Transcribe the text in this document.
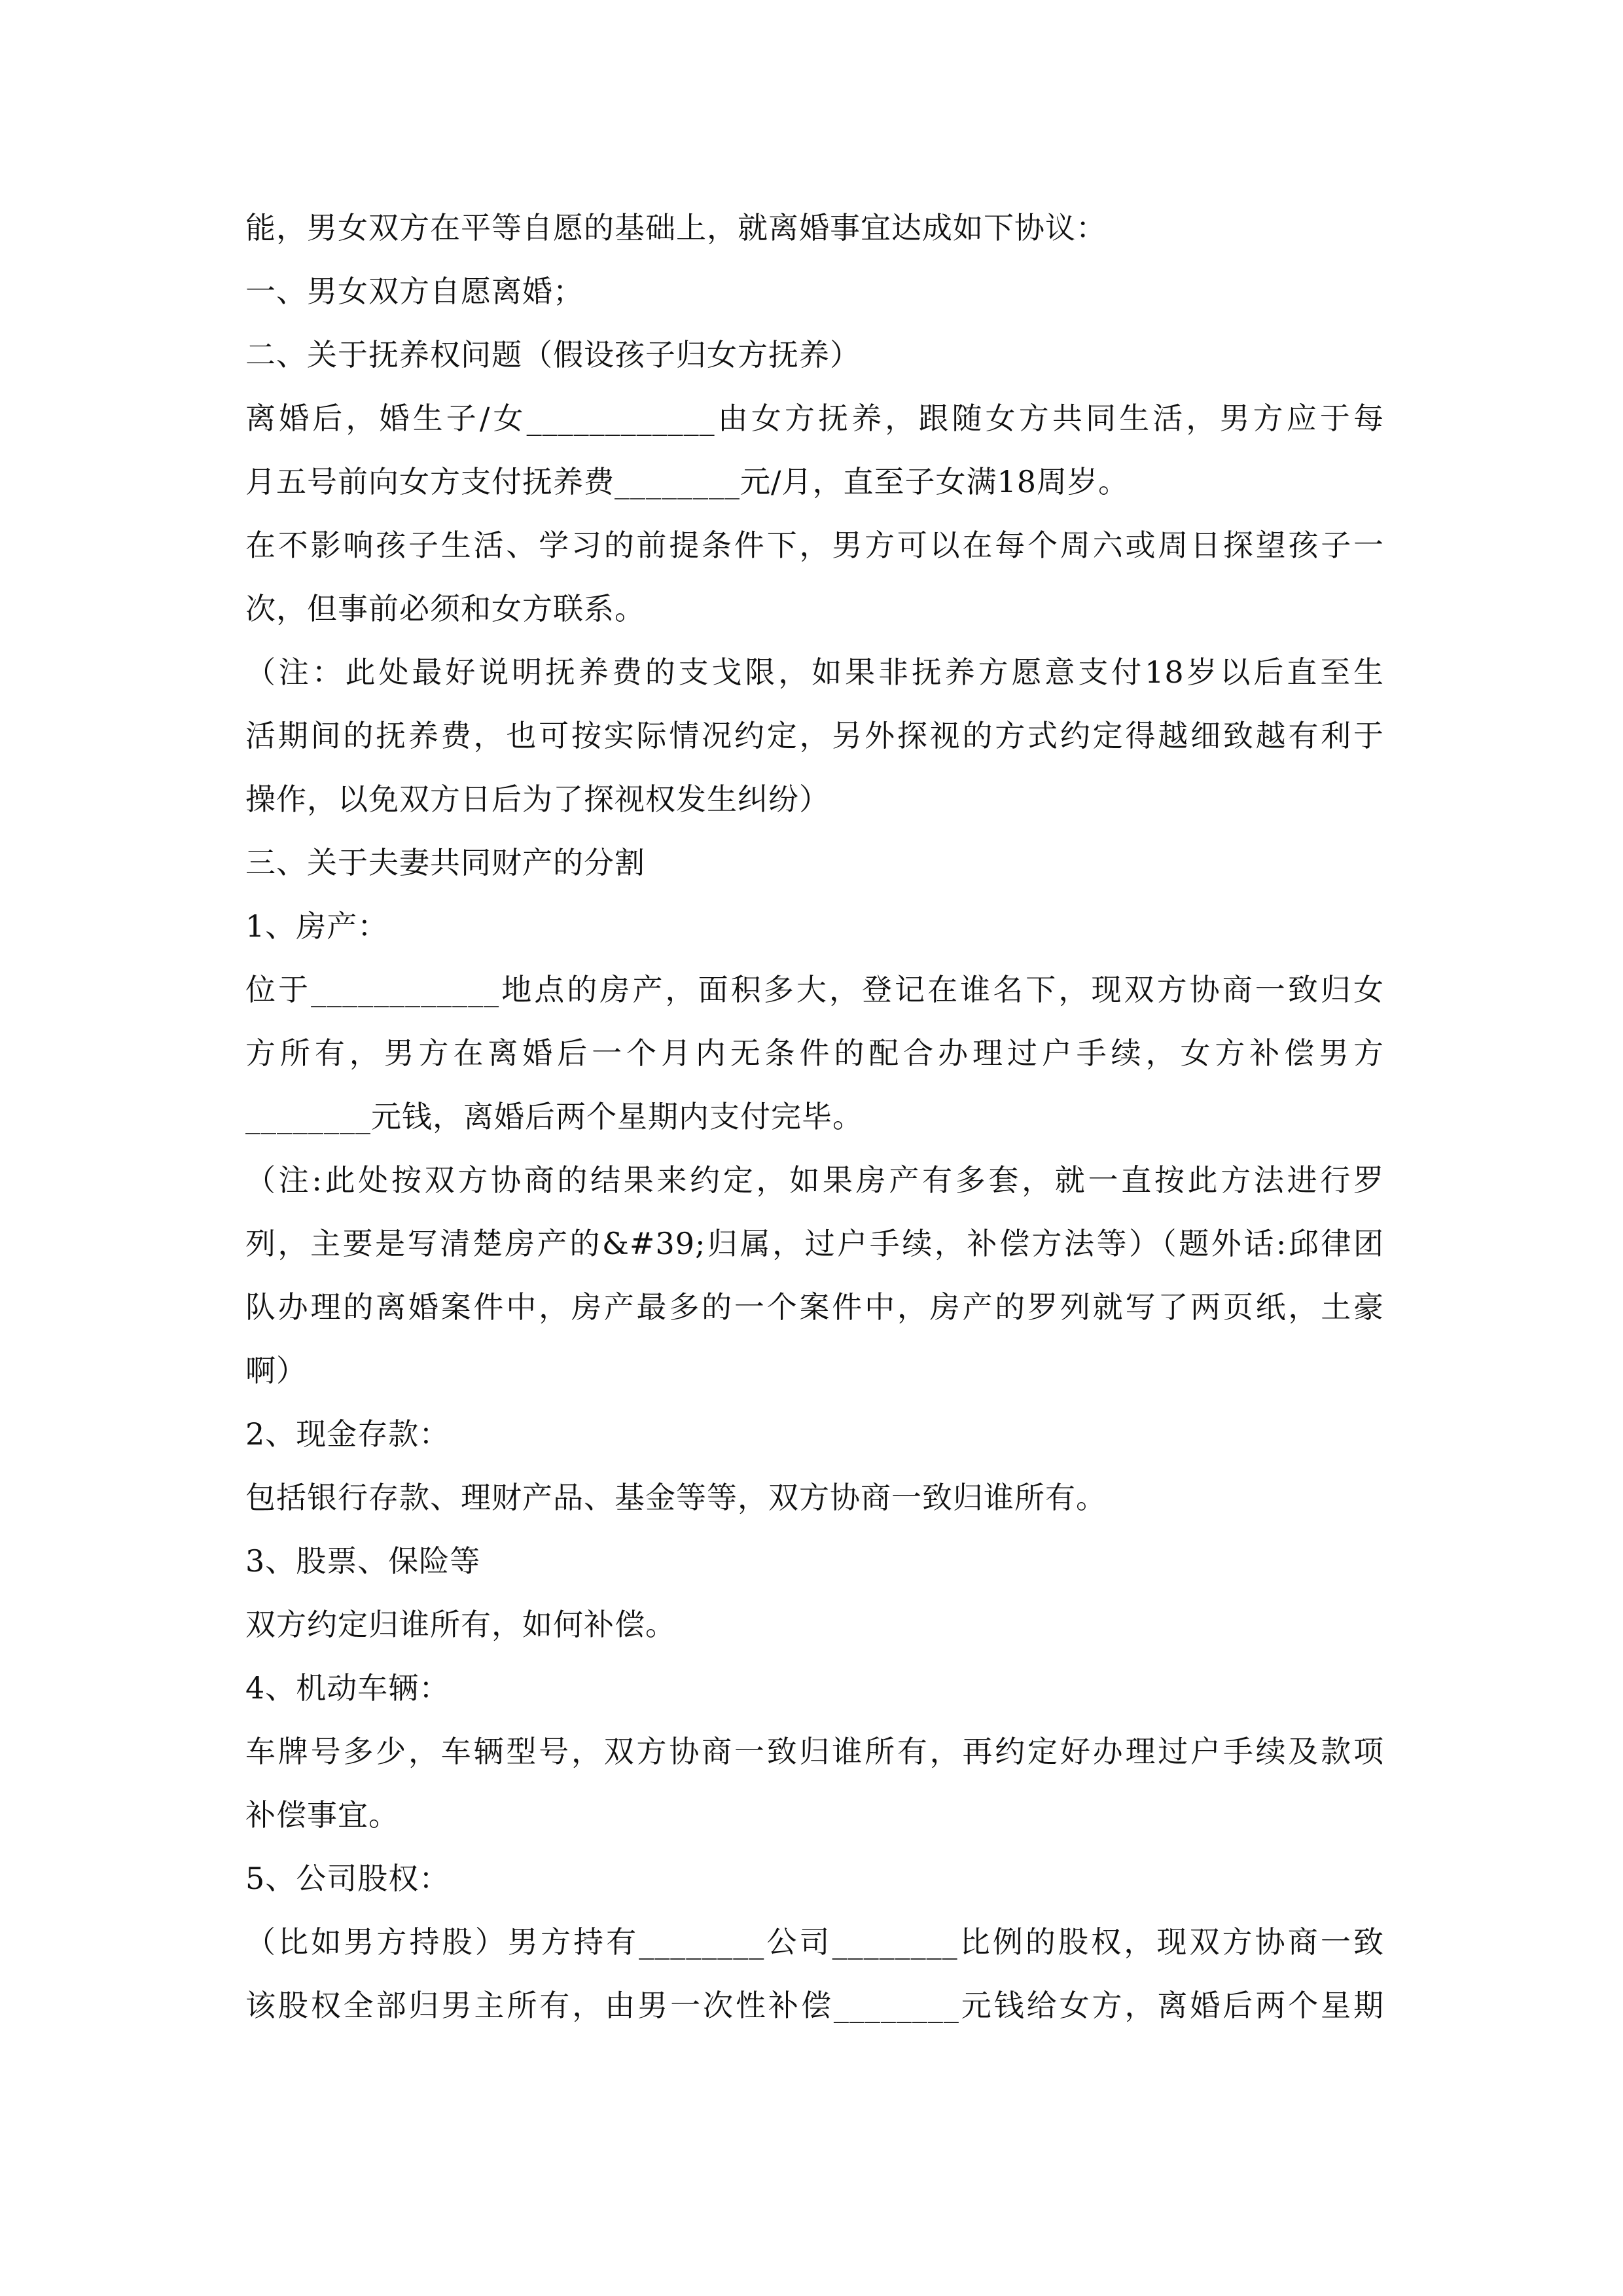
能，男女双方在平等自愿的基础上，就离婚事宜达成如下协议：
一、男女双方自愿离婚；
二、关于抚养权问题（假设孩子归女方抚养）
离婚后，婚生子/女____________由女方抚养，跟随女方共同生活，男方应于每
月五号前向女方支付抚养费________元/月，直至子女满18周岁。
在不影响孩子生活、学习的前提条件下，男方可以在每个周六或周日探望孩子一
次，但事前必须和女方联系。
（注：此处最好说明抚养费的支戈限，如果非抚养方愿意支付18岁以后直至生
活期间的抚养费，也可按实际情况约定，另外探视的方式约定得越细致越有利于
操作，以免双方日后为了探视权发生纠纷）
三、关于夫妻共同财产的分割
1、房产：
位于____________地点的房产，面积多大，登记在谁名下，现双方协商一致归女
方所有，男方在离婚后一个月内无条件的配合办理过户手续，女方补偿男方
________元钱，离婚后两个星期内支付完毕。
（注:此处按双方协商的结果来约定，如果房产有多套，就一直按此方法进行罗
列，主要是写清楚房产的&#39;归属，过户手续，补偿方法等）（题外话:邱律团
队办理的离婚案件中，房产最多的一个案件中，房产的罗列就写了两页纸，土豪
啊）
2、现金存款：
包括银行存款、理财产品、基金等等，双方协商一致归谁所有。
3、股票、保险等
双方约定归谁所有，如何补偿。
4、机动车辆：
车牌号多少，车辆型号，双方协商一致归谁所有，再约定好办理过户手续及款项
补偿事宜。
5、公司股权：
（比如男方持股）男方持有________公司________比例的股权，现双方协商一致
该股权全部归男主所有，由男一次性补偿________元钱给女方，离婚后两个星期
